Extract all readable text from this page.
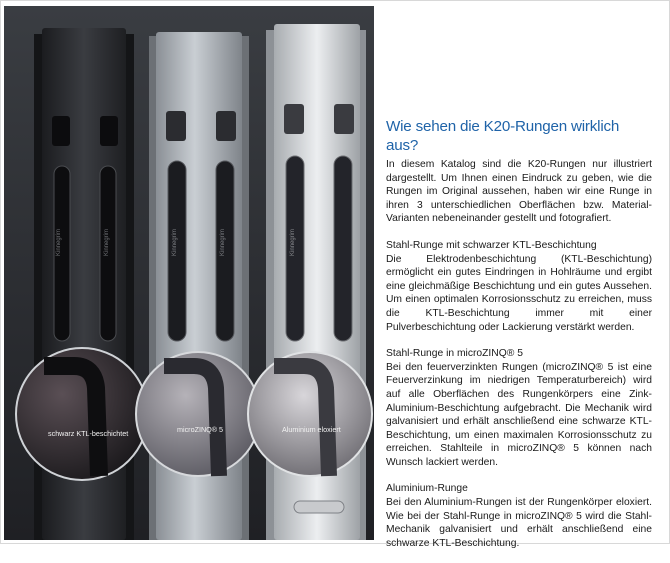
Kinnegrim	Kinnegrim	Kinnegrim	Kinnegrim	Kinnegrim
schwarz KTL-beschichtet	microZINQ® 5	Aluminium eloxiert
Wie sehen die K20-Rungen wirklich aus?

In diesem Katalog sind die K20-Rungen nur illustriert dargestellt. Um Ihnen einen Eindruck zu geben, wie die Rungen im Original aussehen, haben wir eine Runge in ihren 3 unterschiedlichen Oberflächen bzw. Material-Varianten nebeneinander gestellt und fotografiert.

Stahl-Runge mit schwarzer KTL-Beschichtung

Die Elektrodenbeschichtung (KTL-Beschichtung) ermöglicht ein gutes Eindringen in Hohlräume und ergibt eine gleichmäßige Beschichtung und ein gutes Aussehen. Um einen optimalen Korrosionsschutz zu erreichen, muss die KTL-Beschichtung immer mit einer Pulverbeschichtung oder Lackierung verstärkt werden.

Stahl-Runge in microZINQ® 5

Bei den feuerverzinkten Rungen (microZINQ® 5 ist eine Feuerverzinkung im niedrigen Temperaturbereich) wird auf alle Oberflächen des Rungenkörpers eine Zink-Aluminium-Beschichtung aufgebracht. Die Mechanik wird galvanisiert und erhält anschließend eine schwarze KTL-Beschichtung, um einen maximalen Korrosionsschutz zu erreichen. Stahlteile in microZINQ® 5 können nach Wunsch lackiert werden.

Aluminium-Runge

Bei den Aluminium-Rungen ist der Rungenkörper eloxiert. Wie bei der Stahl-Runge in microZINQ® 5 wird die Stahl-Mechanik galvanisiert und erhält anschließend eine schwarze KTL-Beschichtung.
